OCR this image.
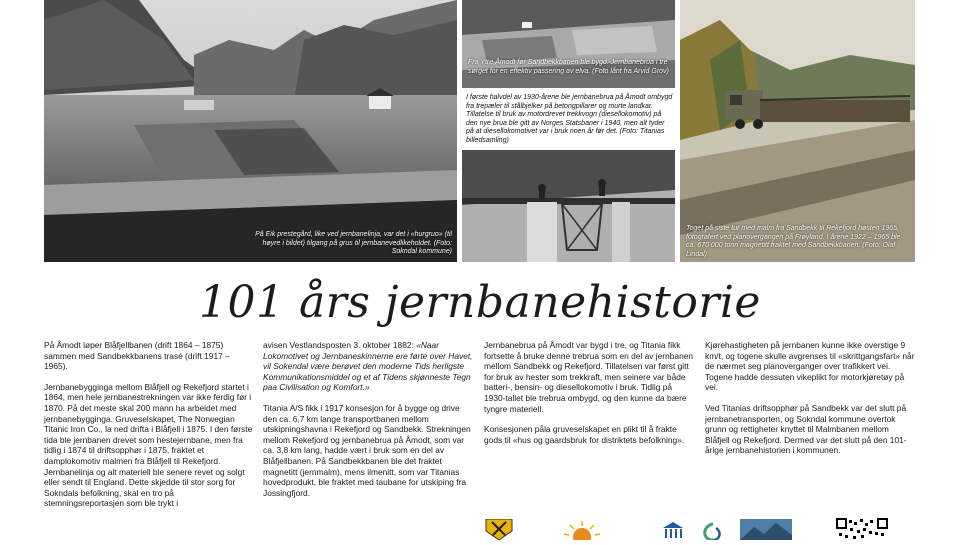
På Eik prestegård, like ved jernbanelinja, var det i «hurgruo» (til høyre i bildet) tilgang på grus til jernbanevedlikeholdet. (Foto: Sokndal kommune)
Fra Ytre Åmodt før Sandbekkbanen ble bygd. Jernbanebrua i tre sørget for en effektiv passering av elva. (Foto lånt fra Arvid Grov)
I første halvdel av 1930-årene ble jernbanebrua på Åmodt ombygd fra trepæler til stålbjelker på betongpillarer og murte landkar. Tillatelse til bruk av motordrevet trekkvogn (diesellokomotiv) på den nye brua ble gitt av Norges Statsbaner i 1940, men alt tyder på at diesellokomotivet var i bruk noen år før det. (Foto: Titanias billedsamling)
Toget på siste tur med malm fra Sandbekk til Rekefjord høsten 1965, fotografert ved planovergangen på Frøyland. I årene 1922 – 1965 ble ca. 670 000 tonn magnetitt fraktet med Sandbekkbanen. (Foto: Olaf Lindal)
101 års jernbanehistorie

På Åmodt løper Blåfjellbanen (drift 1864 – 1875) sammen med Sandbekkbanens trasé (drift 1917 – 1965).

Jernbanebygginga mellom Blåfjell og Rekefjord startet i 1864, men hele jernbanestrekningen var ikke ferdig før i 1870. På det meste skal 200 mann ha arbeidet med jernbanebygginga. Gruveselskapet, The Norwegian Titanic Iron Co., la ned drifta i Blåfjell i 1875. I den første tida ble jernbanen drevet som hestejernbane, men fra tidlig i 1874 til driftsopphør i 1875, fraktet et damplokomotiv malmen fra Blåfjell til Rekefjord. Jernbanelinja og alt materiell ble senere revet og solgt eller sendt til England. Dette skjedde til stor sorg for Sokndals befolkning, skal en tro på stemningsreportasjen som ble trykt i

avisen Vestlandsposten 3. oktober 1882: «Naar Lokomotivet og Jernbaneskinnerne ere førte over Havet, vil Sokendal være berøvet den moderne Tids herligste Kommunikationsmiddel og et af Tidens skjønneste Tegn paa Civilisation og Komfort.»

Titania A/S fikk i 1917 konsesjon for å bygge og drive den ca. 6,7 km lange transportbanen mellom utskipningshavna i Rekefjord og Sandbekk. Strekningen mellom Rekefjord og jernbanebrua på Åmodt, som var ca. 3,8 km lang, hadde vært i bruk som en del av Blåfjellbanen. På Sandbekkbanen ble det fraktet magnetitt (jernmalm), mens ilmenitt, som var Titanias hovedprodukt, ble fraktet med taubane for utskiping fra Jossingfjord.

Jernbanebrua på Åmodt var bygd i tre, og Titania fikk fortsette å bruke denne trebrua som en del av jernbanen mellom Sandbekk og Rekefjord. Tillatelsen var først gitt for bruk av hester som trekkraft, men seinere var både batteri-, bensin- og diesellokomotiv i bruk. Tidlig på 1930-tallet ble trebrua ombygd, og den kunne da bære tyngre materiell.

Konsesjonen påla gruveselskapet en plikt til å frakte gods til «hus og gaardsbruk for distriktets befolkning».

Kjørehastigheten på jernbanen kunne ikke overstige 9 km/t, og togene skulle avgrenses til «skrittgangsfart» når de nærmet seg planoverganger over trafikkert vei. Togene hadde dessuten vikeplikt for motorkjøretøy på vei.

Ved Titanias driftsopphør på Sandbekk var det slutt på jernbanetransporten, og Sokndal kommune overtok grunn og rettigheter knyttet til Malmbanen mellom Blåfjell og Rekefjord. Dermed var det slutt på den 101-årige jernbanehistorien i kommunen.
